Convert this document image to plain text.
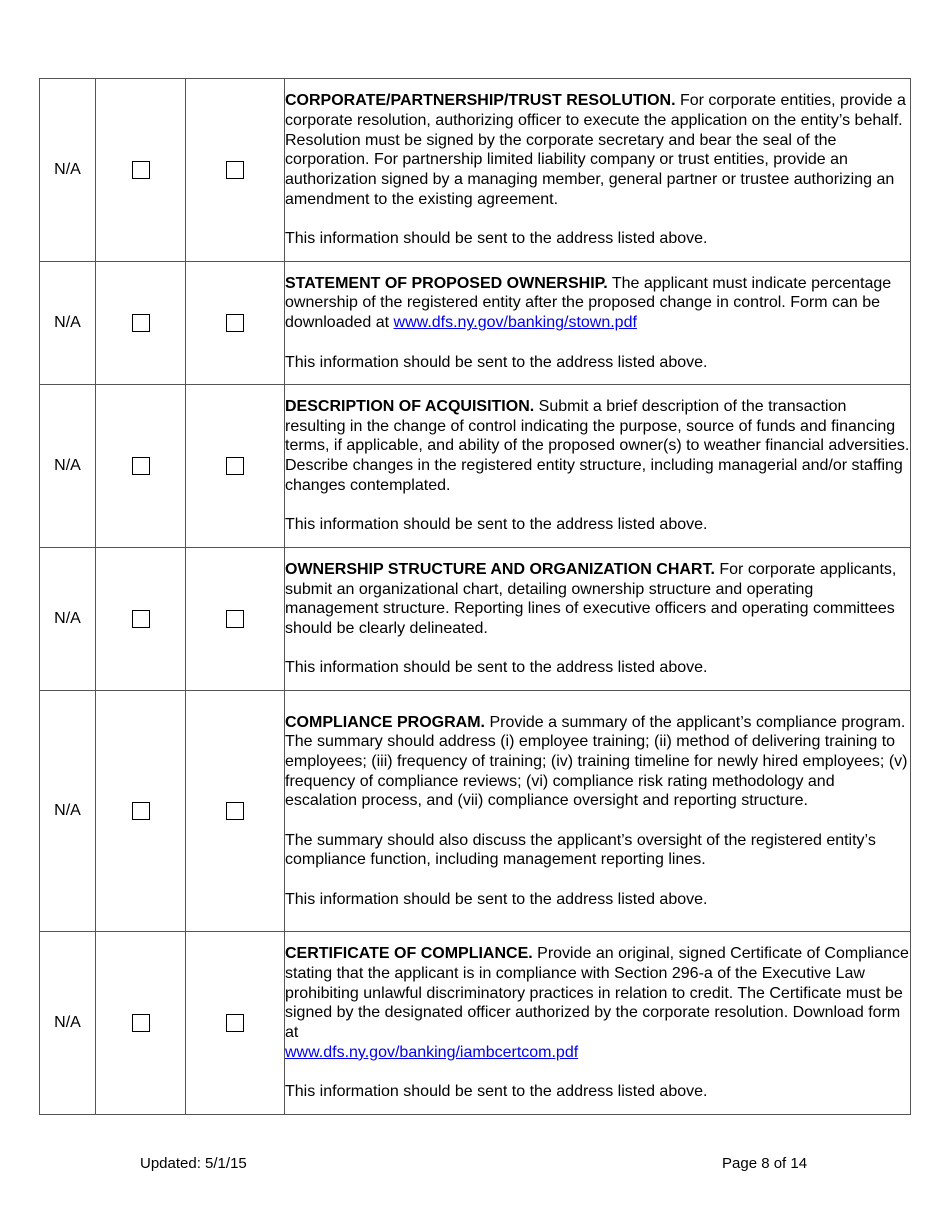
N/A			CORPORATE/PARTNERSHIP/TRUST RESOLUTION. For corporate entities, provide a corporate resolution, authorizing officer to execute the application on the entity’s behalf. Resolution must be signed by the corporate secretary and bear the seal of the corporation. For partnership limited liability company or trust entities, provide an authorization signed by a managing member, general partner or trustee authorizing an amendment to the existing agreement.

This information should be sent to the address listed above.

N/A			STATEMENT OF PROPOSED OWNERSHIP. The applicant must indicate percentage ownership of the registered entity after the proposed change in control. Form can be downloaded at www.dfs.ny.gov/banking/stown.pdf

This information should be sent to the address listed above.

N/A			DESCRIPTION OF ACQUISITION. Submit a brief description of the transaction resulting in the change of control indicating the purpose, source of funds and financing terms, if applicable, and ability of the proposed owner(s) to weather financial adversities. Describe changes in the registered entity structure, including managerial and/or staffing changes contemplated.

This information should be sent to the address listed above.

N/A			OWNERSHIP STRUCTURE AND ORGANIZATION CHART. For corporate applicants, submit an organizational chart, detailing ownership structure and operating management structure. Reporting lines of executive officers and operating committees should be clearly delineated.

This information should be sent to the address listed above.

N/A			COMPLIANCE PROGRAM. Provide a summary of the applicant’s compliance program. The summary should address (i) employee training; (ii) method of delivering training to employees; (iii) frequency of training; (iv) training timeline for newly hired employees; (v) frequency of compliance reviews; (vi) compliance risk rating methodology and escalation process, and (vii) compliance oversight and reporting structure.

The summary should also discuss the applicant’s oversight of the registered entity’s compliance function, including management reporting lines.

This information should be sent to the address listed above.

N/A			CERTIFICATE OF COMPLIANCE. Provide an original, signed Certificate of Compliance stating that the applicant is in compliance with Section 296-a of the Executive Law prohibiting unlawful discriminatory practices in relation to credit. The Certificate must be signed by the designated officer authorized by the corporate resolution. Download form at
www.dfs.ny.gov/banking/iambcertcom.pdf

This information should be sent to the address listed above.

Updated: 5/1/15	Page 8 of 14
